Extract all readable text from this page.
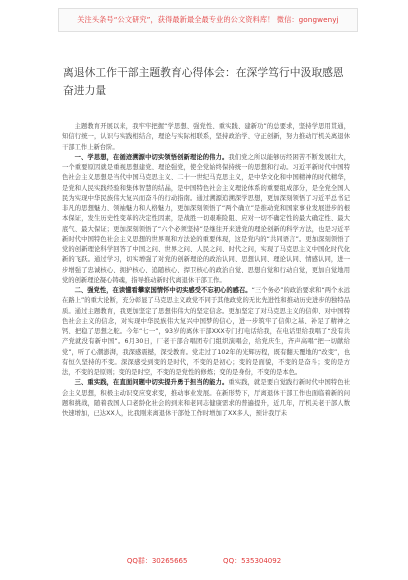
关注头条号“公文研究”，获得最新最全最专业的公文资料库！ 微信：gongwenyj
离退休工作干部主题教育心得体会：在深学笃行中汲取感恩奋进力量

主题教育开展以来，我牢牢把握“学思想、强党性、重实践、建新功”的总要求，坚持学思用贯通，知信行统一，认识与实践相结合，理论与实际相联系，坚持政治学、守正创新，努力推动厅机关离退休干部工作上新台阶。

一、学思想，在循迹溯源中切实领悟创新理论的伟力。我们党之所以能够历经困苦不断发展壮大，一个重要原因就是重视思想建党、理论强党，使全党始终保持统一的思想和行动。习近平新时代中国特色社会主义思想是当代中国马克思主义、二十一世纪马克思主义，是中华文化和中国精神的时代精华，是党和人民实践经验和集体智慧的结晶，是中国特色社会主义理论体系的重要组成部分，是全党全国人民为实现中华民族伟大复兴而奋斗的行动指南。通过溯源追溯深学思想，更加深刻领悟了习近平总书记非凡的思想魅力、领袖魅力和人格魅力，更加深刻领悟了“两个确立”是推动党和国家事业发展进步的根本保证，发生历史性变革的决定性因素，是战胜一切艰难险阻、应对一切不确定性的最大确定性、最大底气、最大保证；更加深刻领悟了“六个必须坚持”是继往开来进党的理论创新的科学方法，也是习近平新时代中国特色社会主义思想的世界观和方法论的重要体现，这是党内的“共同语言”。更加深刻领悟了党的创新理论科学回答了中国之问、世界之问、人民之问、时代之问，实现了马克思主义中国化时代化新的飞跃。通过学习，切实增强了对党的创新理论的政治认同、思想认同、理论认同、情感认同，进一步增强了忠诚核心、拥护核心、追随核心、捍卫核心的政治自觉、思想自觉和行动自觉，更加自觉地用党的创新理论凝心铸魂，指导推动新时代离退休干部工作。

二、强党性，在读懂看攀家国情怀中切实感受不忘初心的感召。“三个务必”的政治要求和“两个永远在路上”的重大论断，充分彰显了马克思主义政党不同于其他政党的无比先进性和推动历史进步的独特品质。通过主题教育，我更加坚定了思想伟伟大的坚定信念。更加坚定了对马克思主义的信仰、对中国特色社会主义的信念，对实现中华民族伟大复兴中国梦的信心，进一步筑牢了信仰之基、补足了精神之钙、把稳了思想之舵。今年“七一”，93岁的离休干部XXX专门打电话给我，在电话里给我唱了“没有共产党就没有新中国”。6月30日，厂老干部合唱团专门组织演唱会，给党庆生，齐声高唱“把一切献给党”，听了心潮澎湃，我深感震撼，深受教育。党走过了102年的光辉历程，既有翻天覆地的“改变”，也有恒久坚持的不变。深深感受到变的是时代，不变的是初心；变的是面貌，不变的是奋斗；变的是方法，不变的是原则；变的是时空，不变的是党性的修炼；变的是身份，不变的是本色。

三、重实践，在直面问题中切实提升勇于担当的能力。重实践，就是要自觉践行新时代中国特色社会主义思想，积极主动识变应变求变，推动事业发展。在新形势下，厅离退休干部工作也面临着新的问题和挑战，随着我国人口老龄化社会的到来和老同志健康需求的普遍提升，近几年，厅机关老干部人数快速增加，已达XX人，比我刚来离退休干部处工作时增加了XX多人，预计我厅未

QQ群：30265665                QQ：535304092
